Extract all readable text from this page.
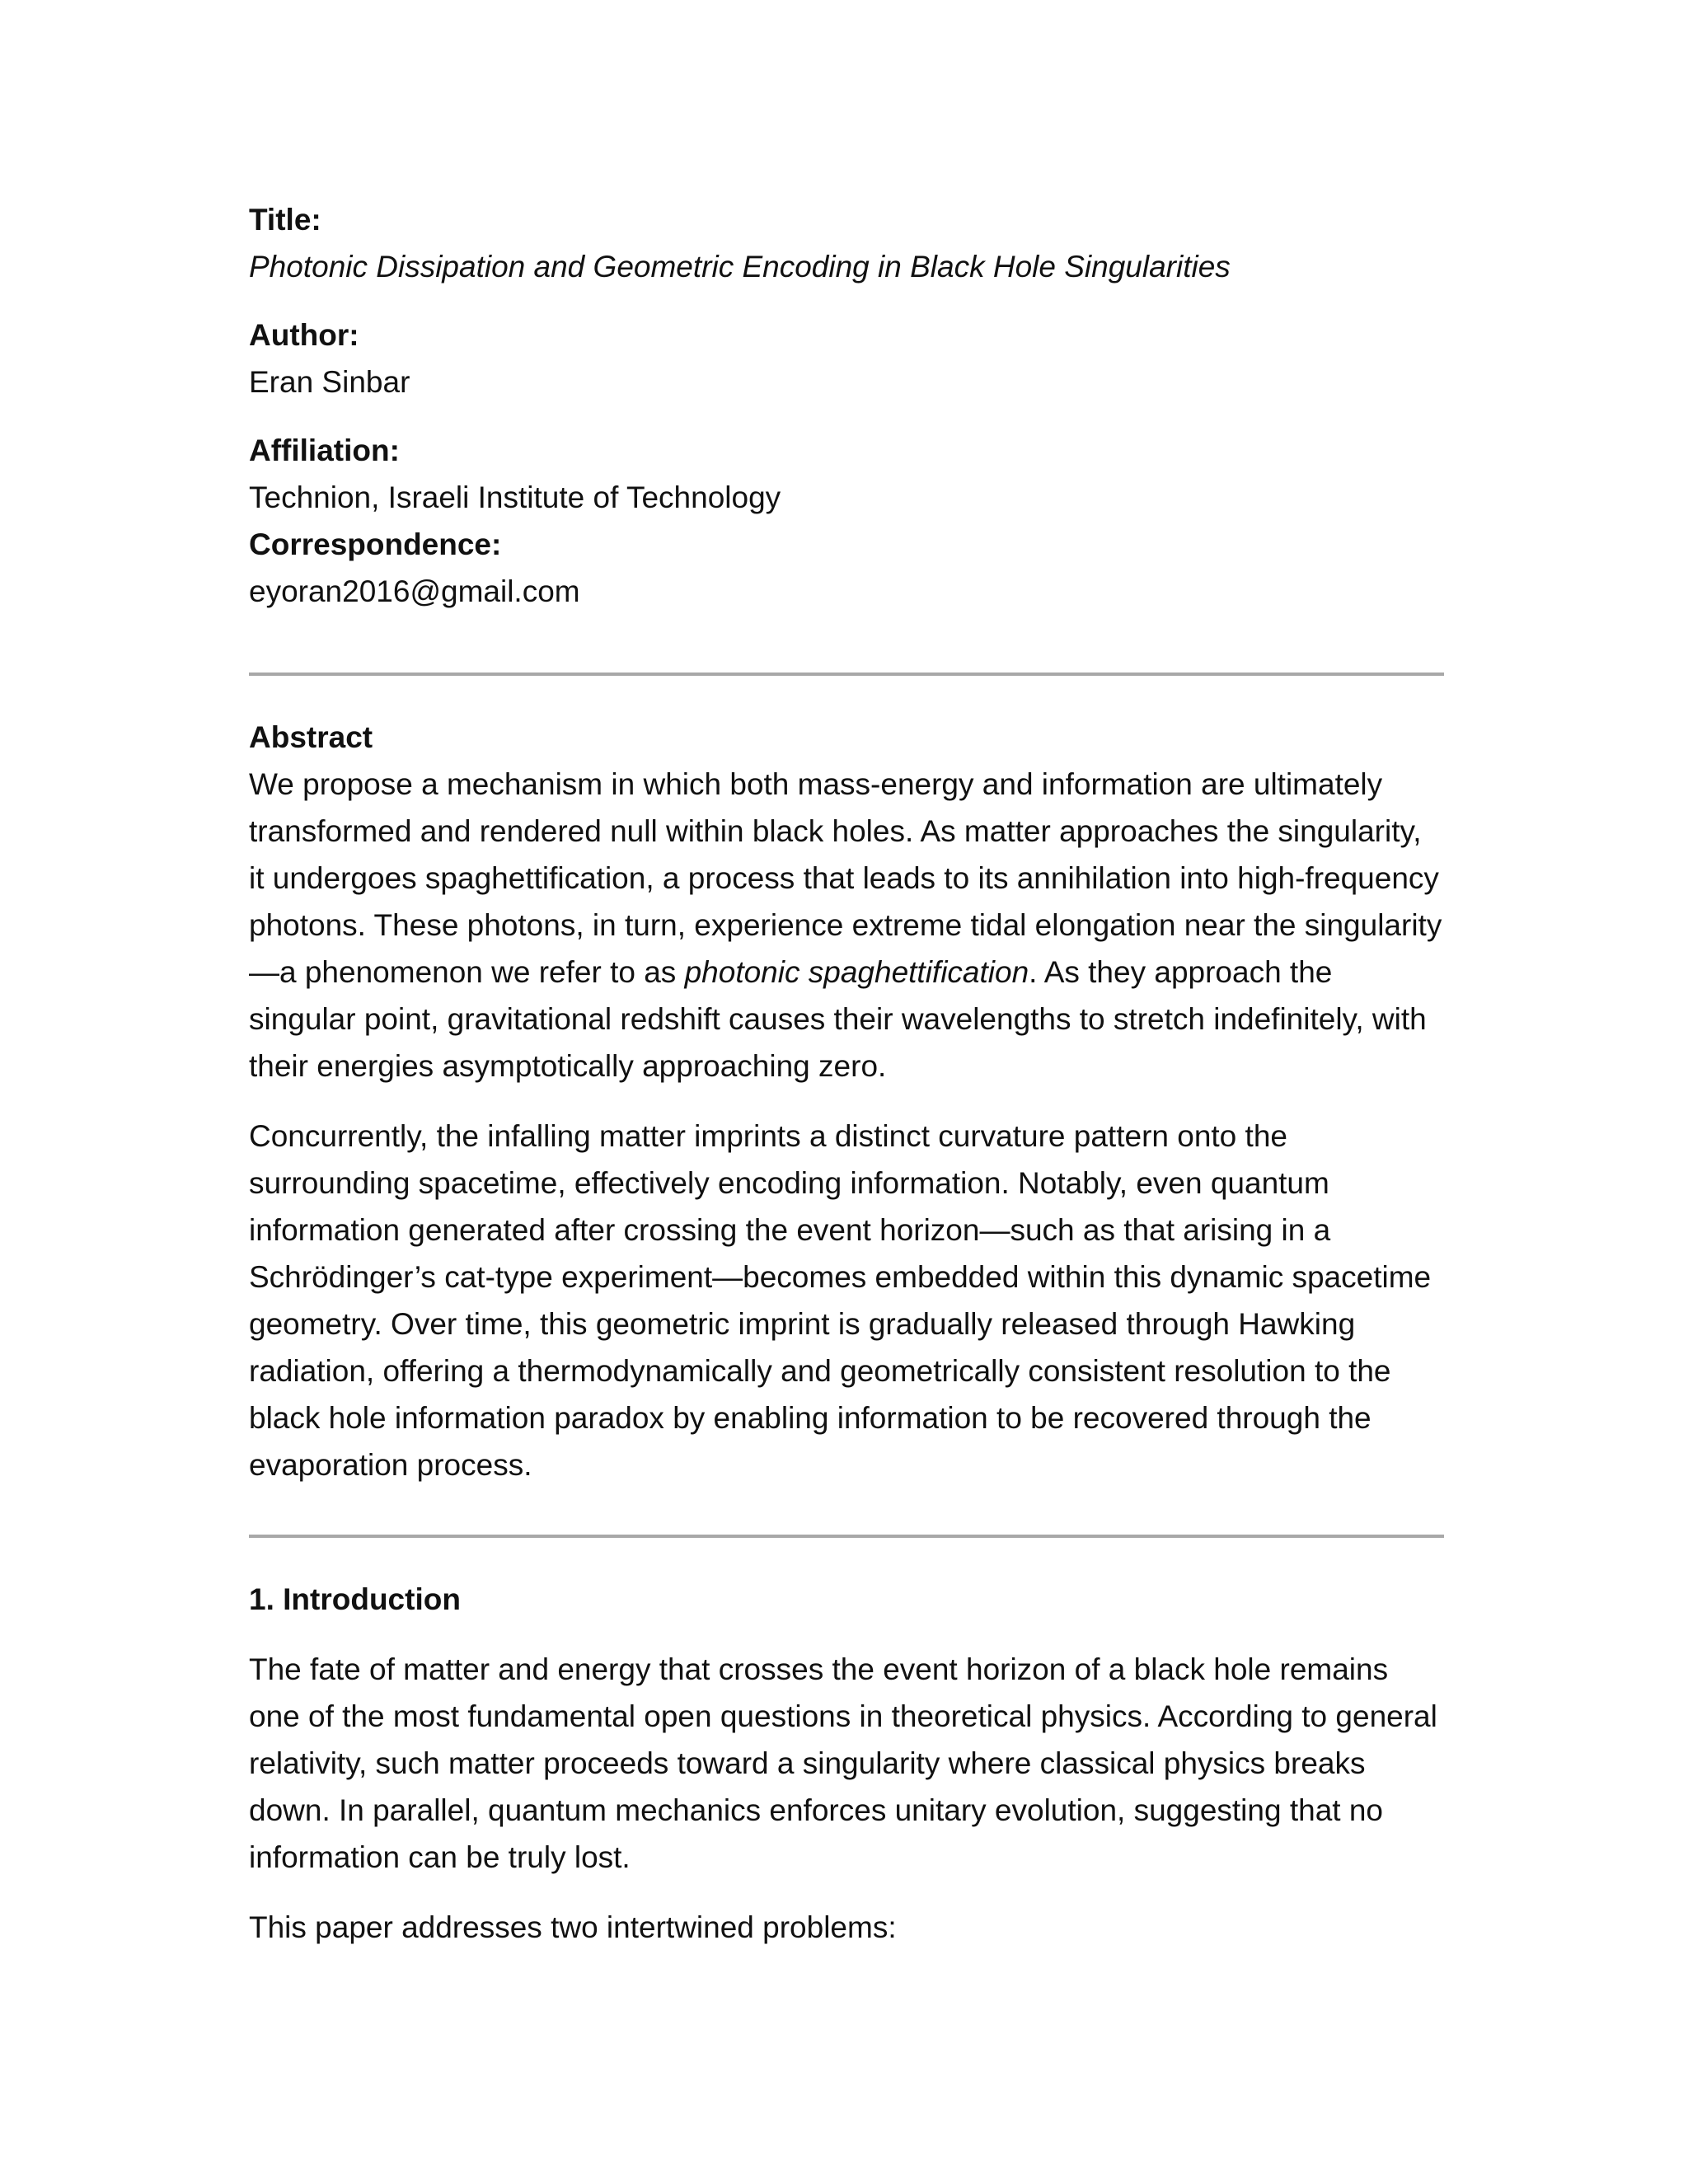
Title:
Photonic Dissipation and Geometric Encoding in Black Hole Singularities
Author:
Eran Sinbar
Affiliation:
Technion, Israeli Institute of Technology
Correspondence:
eyoran2016@gmail.com
Abstract

We propose a mechanism in which both mass-energy and information are ultimately transformed and rendered null within black holes. As matter approaches the singularity, it undergoes spaghettification, a process that leads to its annihilation into high-frequency photons. These photons, in turn, experience extreme tidal elongation near the singularity—a phenomenon we refer to as photonic spaghettification. As they approach the singular point, gravitational redshift causes their wavelengths to stretch indefinitely, with their energies asymptotically approaching zero.

Concurrently, the infalling matter imprints a distinct curvature pattern onto the surrounding spacetime, effectively encoding information. Notably, even quantum information generated after crossing the event horizon—such as that arising in a Schrödinger’s cat-type experiment—becomes embedded within this dynamic spacetime geometry. Over time, this geometric imprint is gradually released through Hawking radiation, offering a thermodynamically and geometrically consistent resolution to the black hole information paradox by enabling information to be recovered through the evaporation process.

1. Introduction

The fate of matter and energy that crosses the event horizon of a black hole remains one of the most fundamental open questions in theoretical physics. According to general relativity, such matter proceeds toward a singularity where classical physics breaks down. In parallel, quantum mechanics enforces unitary evolution, suggesting that no information can be truly lost.

This paper addresses two intertwined problems:
